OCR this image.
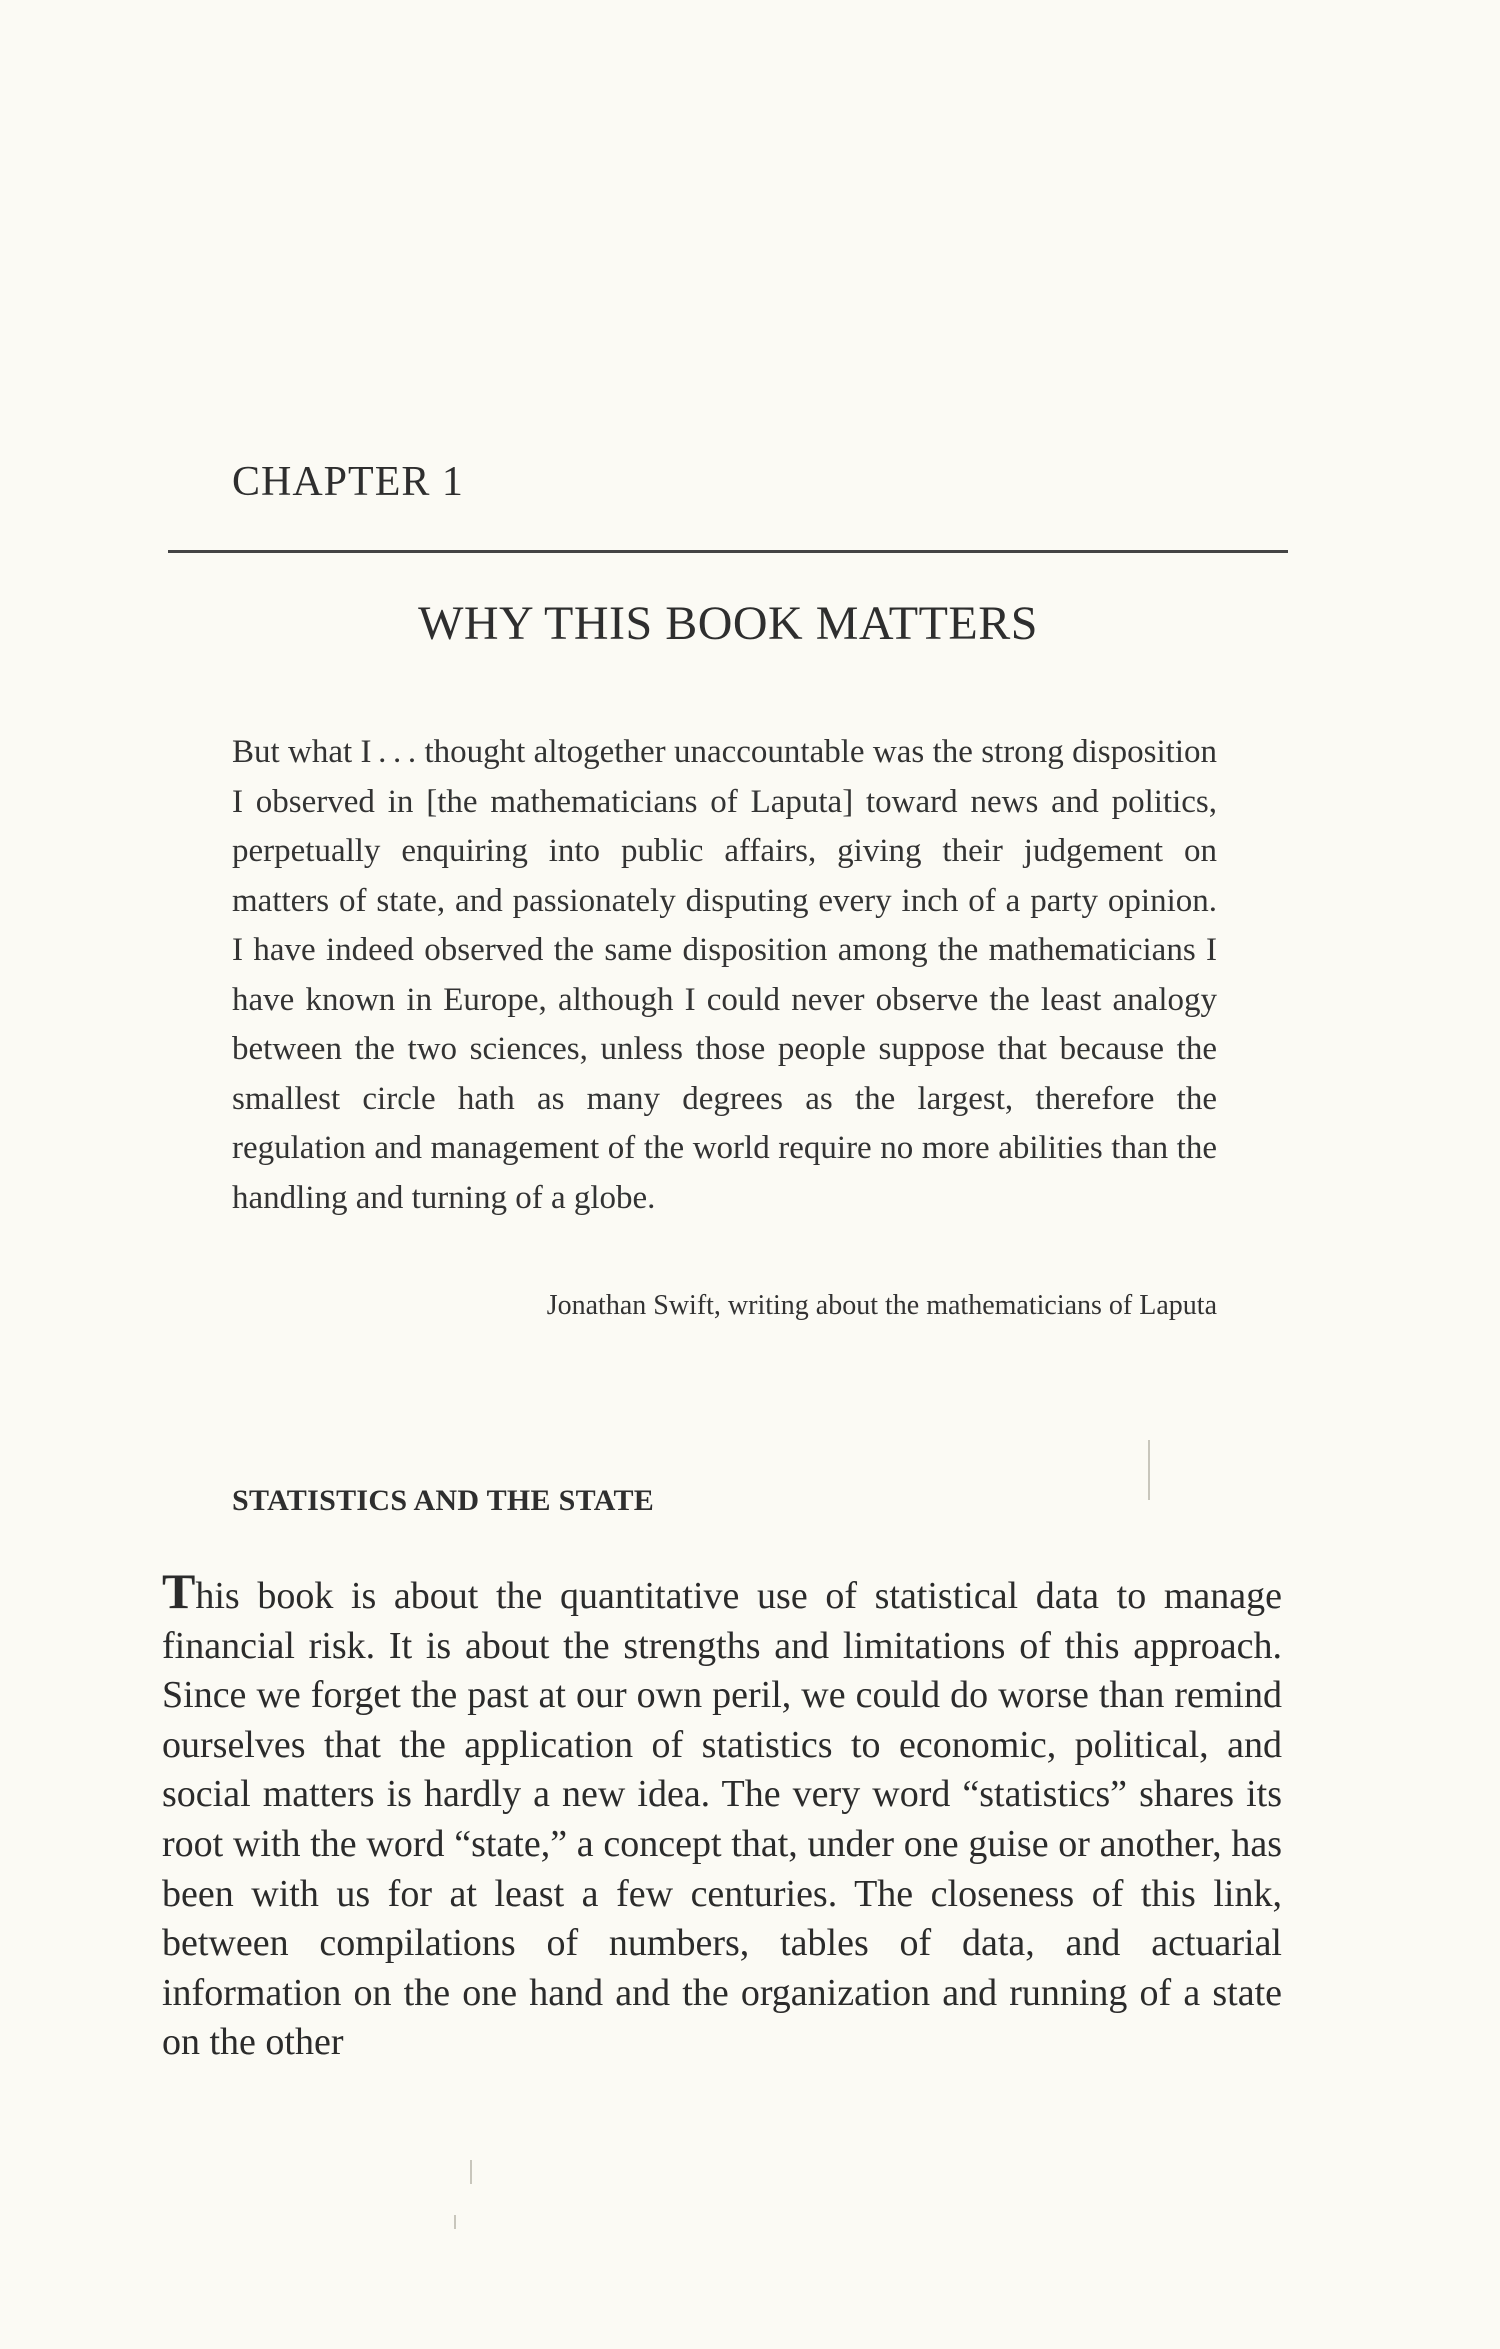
CHAPTER 1
WHY THIS BOOK MATTERS
But what I . . . thought altogether unaccountable was the strong disposition I observed in [the mathematicians of Laputa] toward news and politics, perpetually enquiring into public affairs, giving their judgement on matters of state, and passionately disputing every inch of a party opinion. I have indeed observed the same disposition among the mathematicians I have known in Europe, although I could never observe the least analogy between the two sciences, unless those people suppose that because the smallest circle hath as many degrees as the largest, therefore the regulation and management of the world require no more abilities than the handling and turning of a globe.
Jonathan Swift, writing about the mathematicians of Laputa
STATISTICS AND THE STATE
This book is about the quantitative use of statistical data to manage financial risk. It is about the strengths and limitations of this approach. Since we forget the past at our own peril, we could do worse than remind ourselves that the application of statistics to economic, political, and social matters is hardly a new idea. The very word “statistics” shares its root with the word “state,” a concept that, under one guise or another, has been with us for at least a few centuries. The closeness of this link, between compilations of numbers, tables of data, and actuarial information on the one hand and the organization and running of a state on the other
